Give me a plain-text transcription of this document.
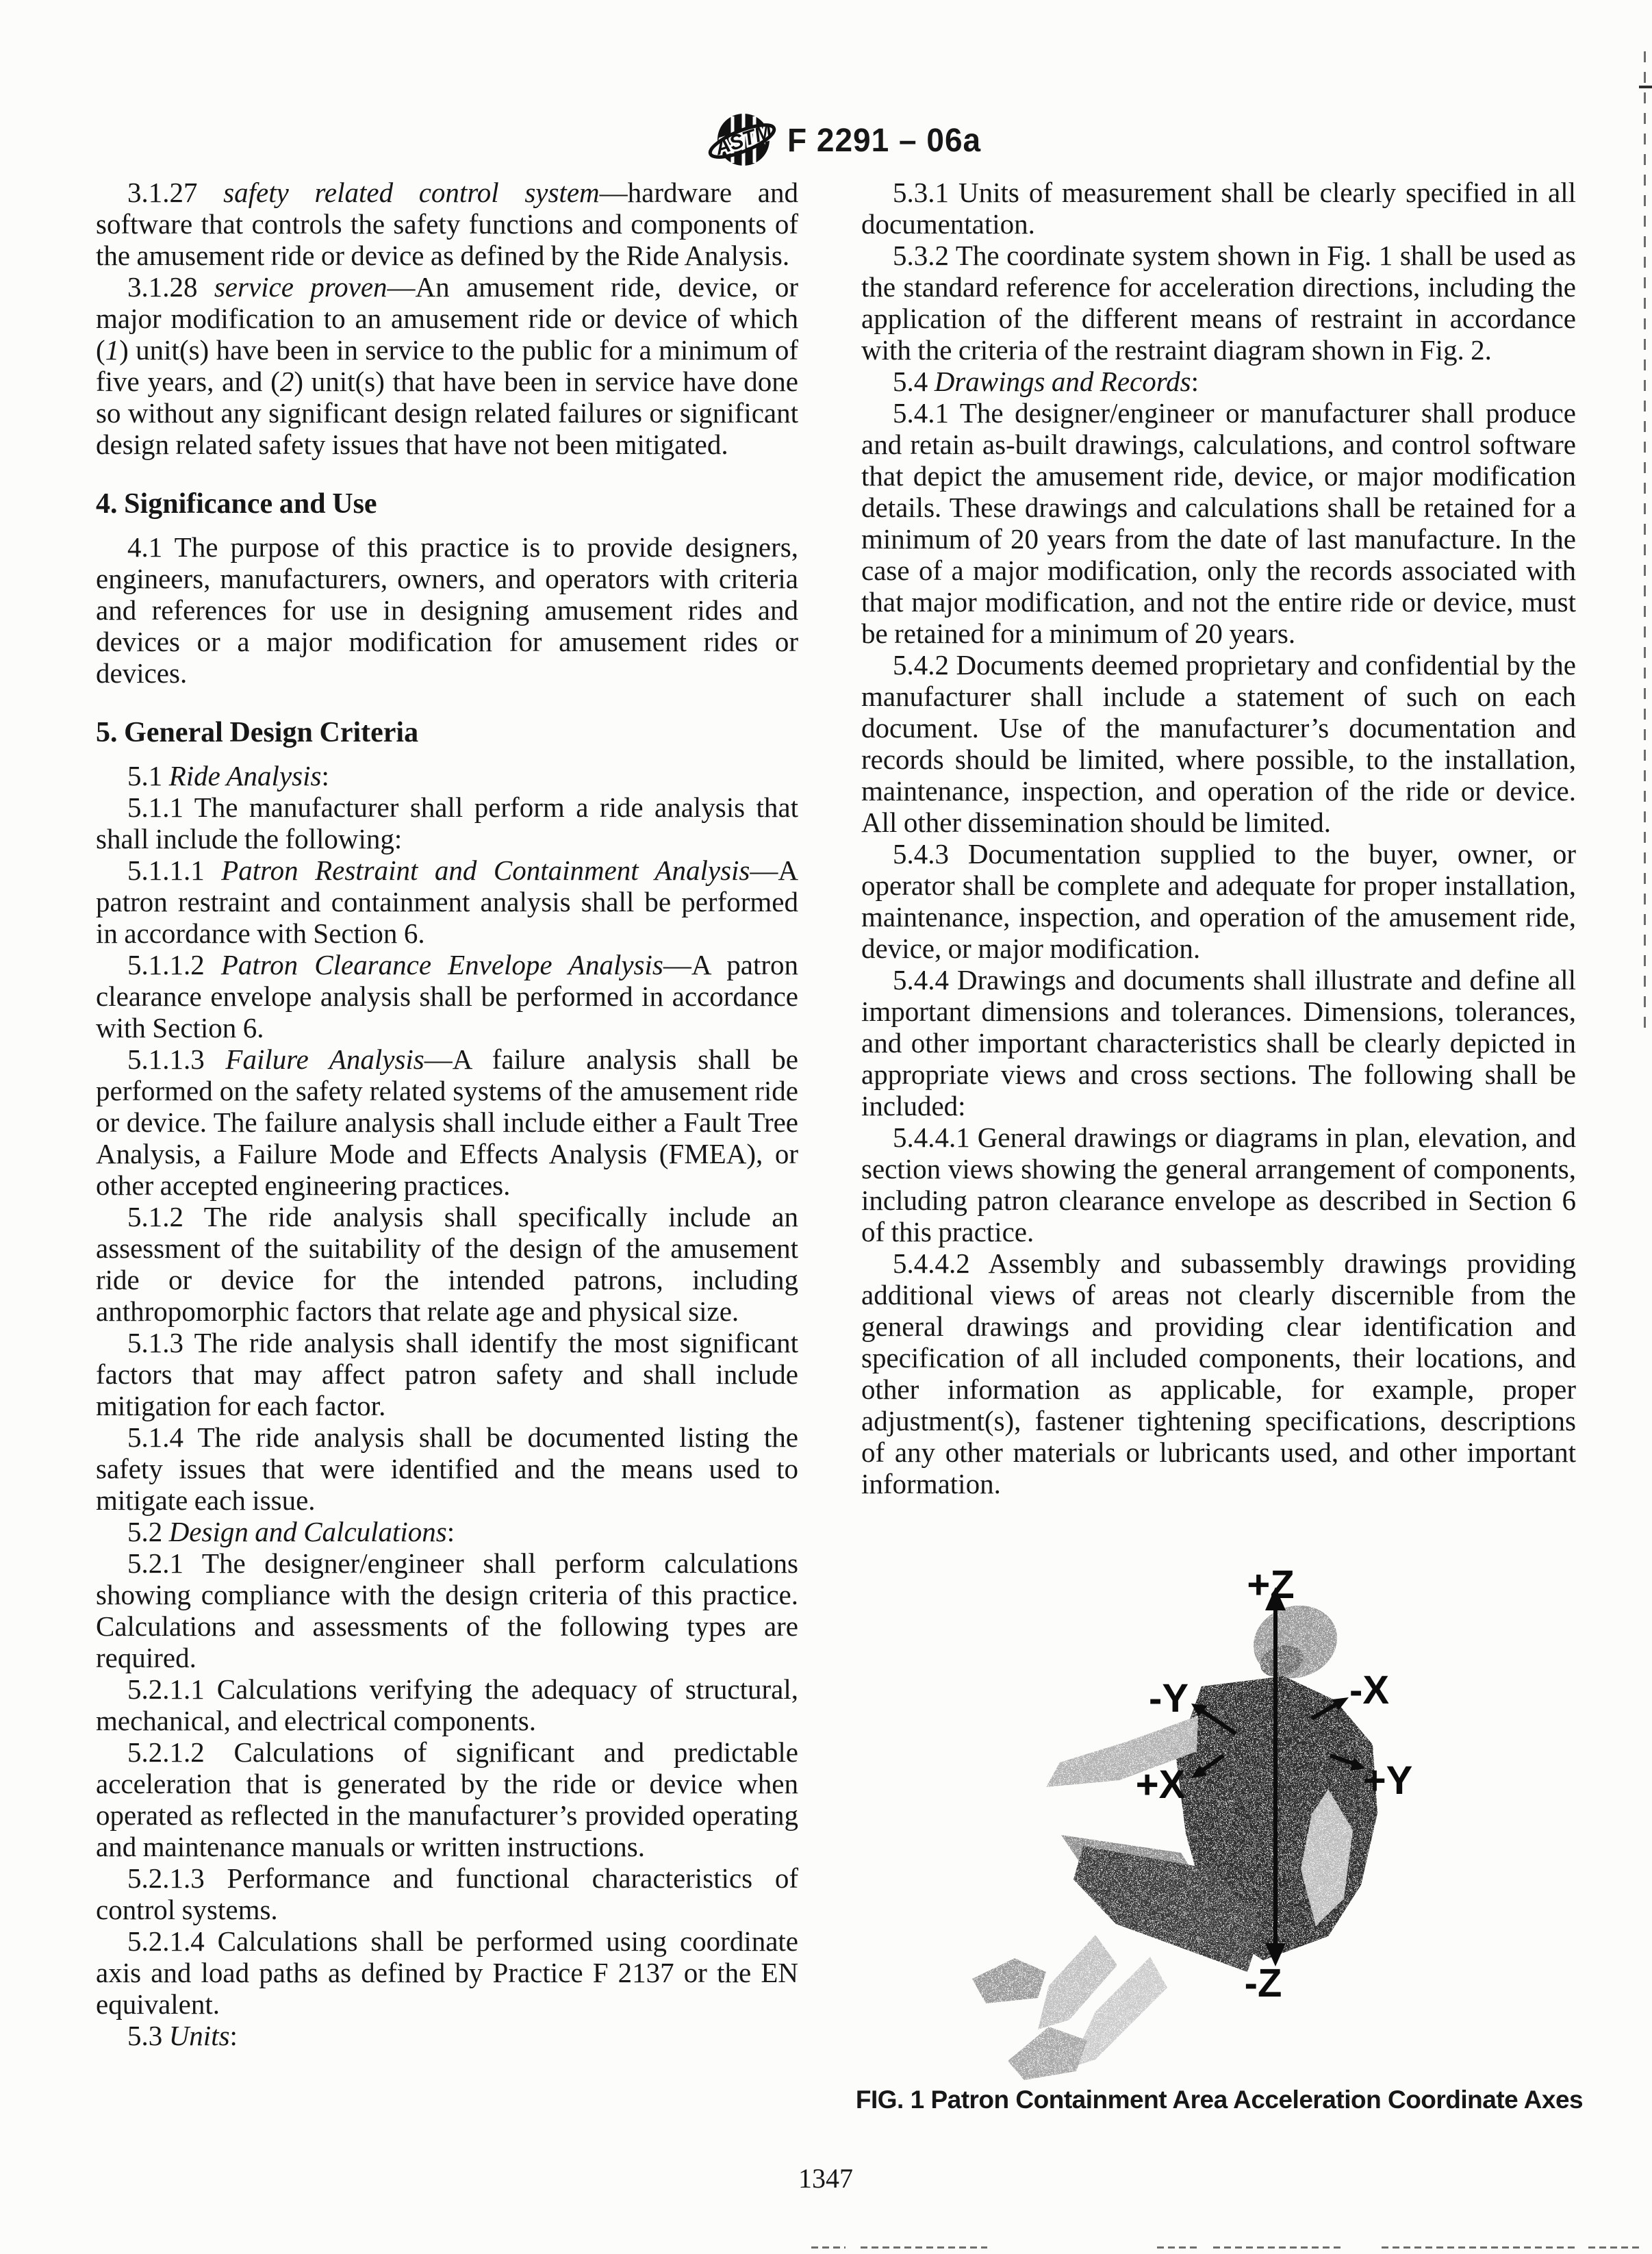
ASTM F 2291 – 06a

3.1.27 safety related control system—hardware and software that controls the safety functions and components of the amusement ride or device as defined by the Ride Analysis.

3.1.28 service proven—An amusement ride, device, or major modification to an amusement ride or device of which (1) unit(s) have been in service to the public for a minimum of five years, and (2) unit(s) that have been in service have done so without any significant design related failures or significant design related safety issues that have not been mitigated.

4. Significance and Use

4.1 The purpose of this practice is to provide designers, engineers, manufacturers, owners, and operators with criteria and references for use in designing amusement rides and devices or a major modification for amusement rides or devices.

5. General Design Criteria

5.1 Ride Analysis:

5.1.1 The manufacturer shall perform a ride analysis that shall include the following:

5.1.1.1 Patron Restraint and Containment Analysis—A patron restraint and containment analysis shall be performed in accordance with Section 6.

5.1.1.2 Patron Clearance Envelope Analysis—A patron clearance envelope analysis shall be performed in accordance with Section 6.

5.1.1.3 Failure Analysis—A failure analysis shall be performed on the safety related systems of the amusement ride or device. The failure analysis shall include either a Fault Tree Analysis, a Failure Mode and Effects Analysis (FMEA), or other accepted engineering practices.

5.1.2 The ride analysis shall specifically include an assessment of the suitability of the design of the amusement ride or device for the intended patrons, including anthropomorphic factors that relate age and physical size.

5.1.3 The ride analysis shall identify the most significant factors that may affect patron safety and shall include mitigation for each factor.

5.1.4 The ride analysis shall be documented listing the safety issues that were identified and the means used to mitigate each issue.

5.2 Design and Calculations:

5.2.1 The designer/engineer shall perform calculations showing compliance with the design criteria of this practice. Calculations and assessments of the following types are required.

5.2.1.1 Calculations verifying the adequacy of structural, mechanical, and electrical components.

5.2.1.2 Calculations of significant and predictable acceleration that is generated by the ride or device when operated as reflected in the manufacturer’s provided operating and maintenance manuals or written instructions.

5.2.1.3 Performance and functional characteristics of control systems.

5.2.1.4 Calculations shall be performed using coordinate axis and load paths as defined by Practice F 2137 or the EN equivalent.

5.3 Units:

5.3.1 Units of measurement shall be clearly specified in all documentation.

5.3.2 The coordinate system shown in Fig. 1 shall be used as the standard reference for acceleration directions, including the application of the different means of restraint in accordance with the criteria of the restraint diagram shown in Fig. 2.

5.4 Drawings and Records:

5.4.1 The designer/engineer or manufacturer shall produce and retain as-built drawings, calculations, and control software that depict the amusement ride, device, or major modification details. These drawings and calculations shall be retained for a minimum of 20 years from the date of last manufacture. In the case of a major modification, only the records associated with that major modification, and not the entire ride or device, must be retained for a minimum of 20 years.

5.4.2 Documents deemed proprietary and confidential by the manufacturer shall include a statement of such on each document. Use of the manufacturer’s documentation and records should be limited, where possible, to the installation, maintenance, inspection, and operation of the ride or device. All other dissemination should be limited.

5.4.3 Documentation supplied to the buyer, owner, or operator shall be complete and adequate for proper installation, maintenance, inspection, and operation of the amusement ride, device, or major modification.

5.4.4 Drawings and documents shall illustrate and define all important dimensions and tolerances. Dimensions, tolerances, and other important characteristics shall be clearly depicted in appropriate views and cross sections. The following shall be included:

5.4.4.1 General drawings or diagrams in plan, elevation, and section views showing the general arrangement of components, including patron clearance envelope as described in Section 6 of this practice.

5.4.4.2 Assembly and subassembly drawings providing additional views of areas not clearly discernible from the general drawings and providing clear identification and specification of all included components, their locations, and other information as applicable, for example, proper adjustment(s), fastener tightening specifications, descriptions of any other materials or lubricants used, and other important information.

+Z
-Z
-Y	-X
+X	+Y
FIG. 1 Patron Containment Area Acceleration Coordinate Axes
1347
